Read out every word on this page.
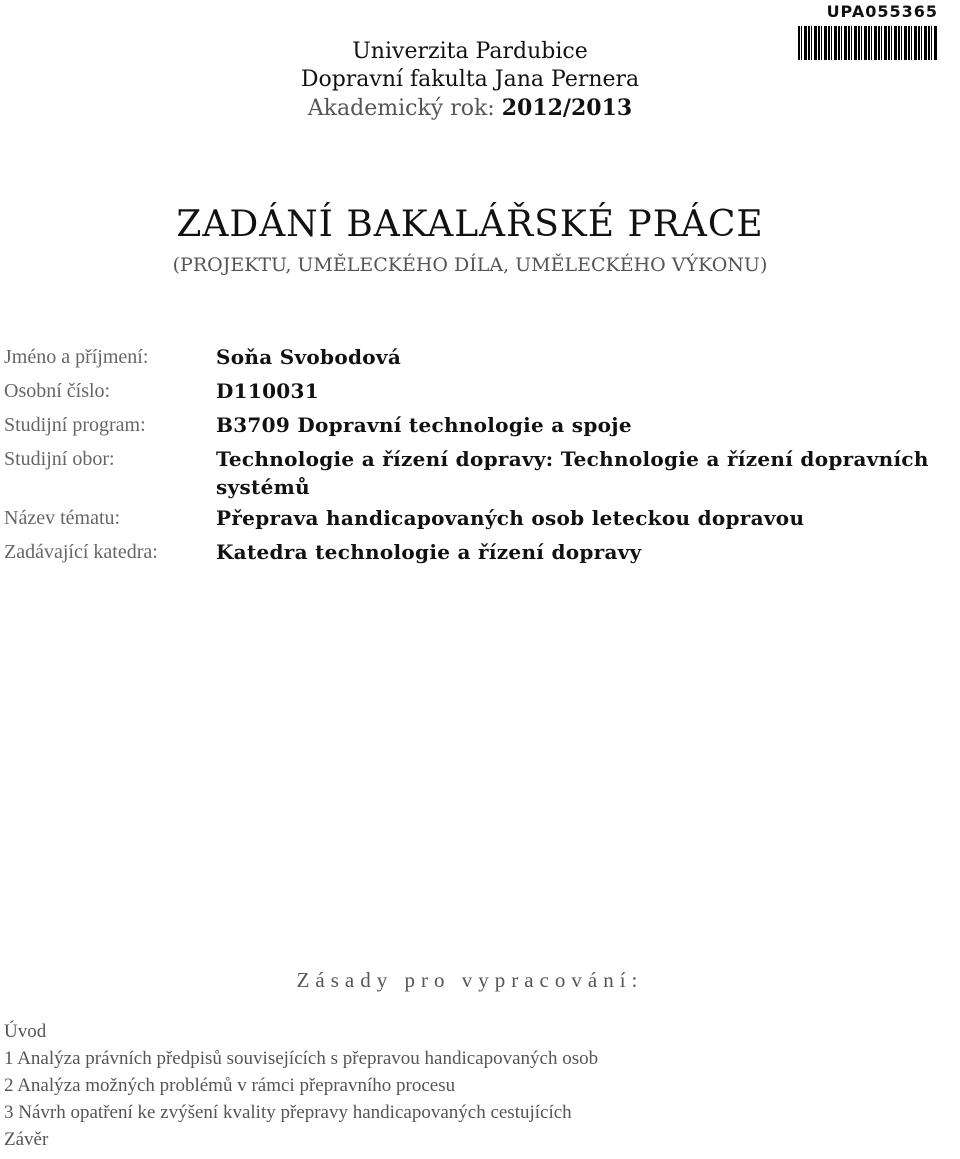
UPA055365
Univerzita Pardubice
Dopravní fakulta Jana Pernera
Akademický rok: 2012/2013
ZADÁNÍ BAKALÁŘSKÉ PRÁCE
(PROJEKTU, UMĚLECKÉHO DÍLA, UMĚLECKÉHO VÝKONU)
Jméno a příjmení:	Soňa Svobodová
Osobní číslo:	D110031
Studijní program:	B3709 Dopravní technologie a spoje
Studijní obor:	Technologie a řízení dopravy: Technologie a řízení dopravních systémů
Název tématu:	Přeprava handicapovaných osob leteckou dopravou
Zadávající katedra:	Katedra technologie a řízení dopravy
Zásady pro vypracování:
Úvod
1 Analýza právních předpisů souvisejících s přepravou handicapovaných osob
2 Analýza možných problémů v rámci přepravního procesu
3 Návrh opatření ke zvýšení kvality přepravy handicapovaných cestujících
Závěr
